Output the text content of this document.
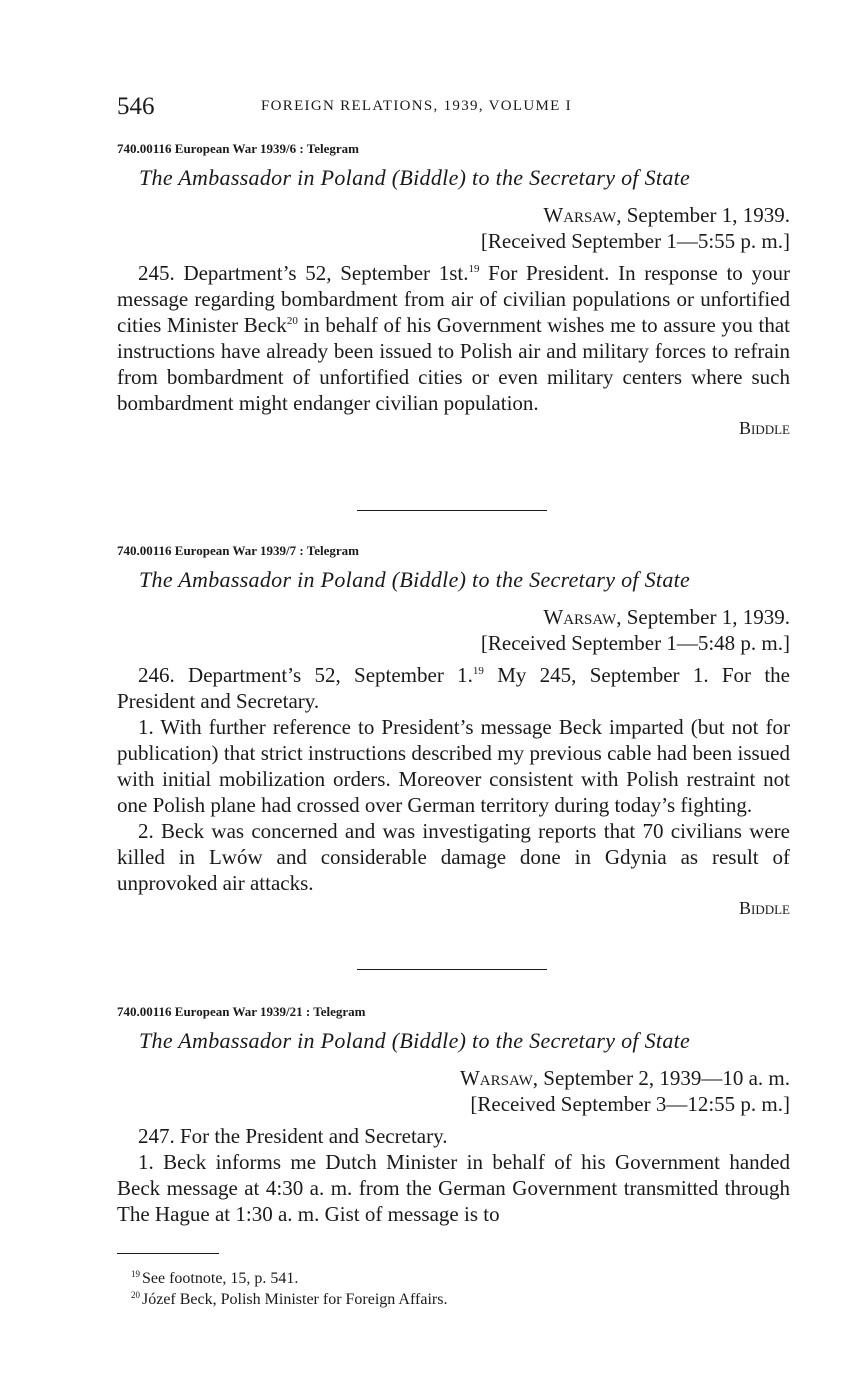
546	FOREIGN RELATIONS, 1939, VOLUME I
740.00116 European War 1939/6 : Telegram
The Ambassador in Poland (Biddle) to the Secretary of State
Warsaw, September 1, 1939.
[Received September 1—5:55 p. m.]
245. Department’s 52, September 1st.$^{19}$ For President. In response to your message regarding bombardment from air of civilian populations or unfortified cities Minister Beck$^{20}$ in behalf of his Government wishes me to assure you that instructions have already been issued to Polish air and military forces to refrain from bombardment of unfortified cities or even military centers where such bombardment might endanger civilian population.
Biddle
740.00116 European War 1939/7 : Telegram
The Ambassador in Poland (Biddle) to the Secretary of State
Warsaw, September 1, 1939.
[Received September 1—5:48 p. m.]
246. Department’s 52, September 1.19 My 245, September 1. For the President and Secretary.
1. With further reference to President’s message Beck imparted (but not for publication) that strict instructions described my previous cable had been issued with initial mobilization orders. Moreover consistent with Polish restraint not one Polish plane had crossed over German territory during today’s fighting.
2. Beck was concerned and was investigating reports that 70 civilians were killed in Lwów and considerable damage done in Gdynia as result of unprovoked air attacks.
Biddle
740.00116 European War 1939/21 : Telegram
The Ambassador in Poland (Biddle) to the Secretary of State
Warsaw, September 2, 1939—10 a. m.
[Received September 3—12:55 p. m.]
247. For the President and Secretary.
1. Beck informs me Dutch Minister in behalf of his Government handed Beck message at 4:30 a. m. from the German Government transmitted through The Hague at 1:30 a. m. Gist of message is to
$^{19}$ See footnote, 15, p. 541.
$^{20}$ Józef Beck, Polish Minister for Foreign Affairs.
